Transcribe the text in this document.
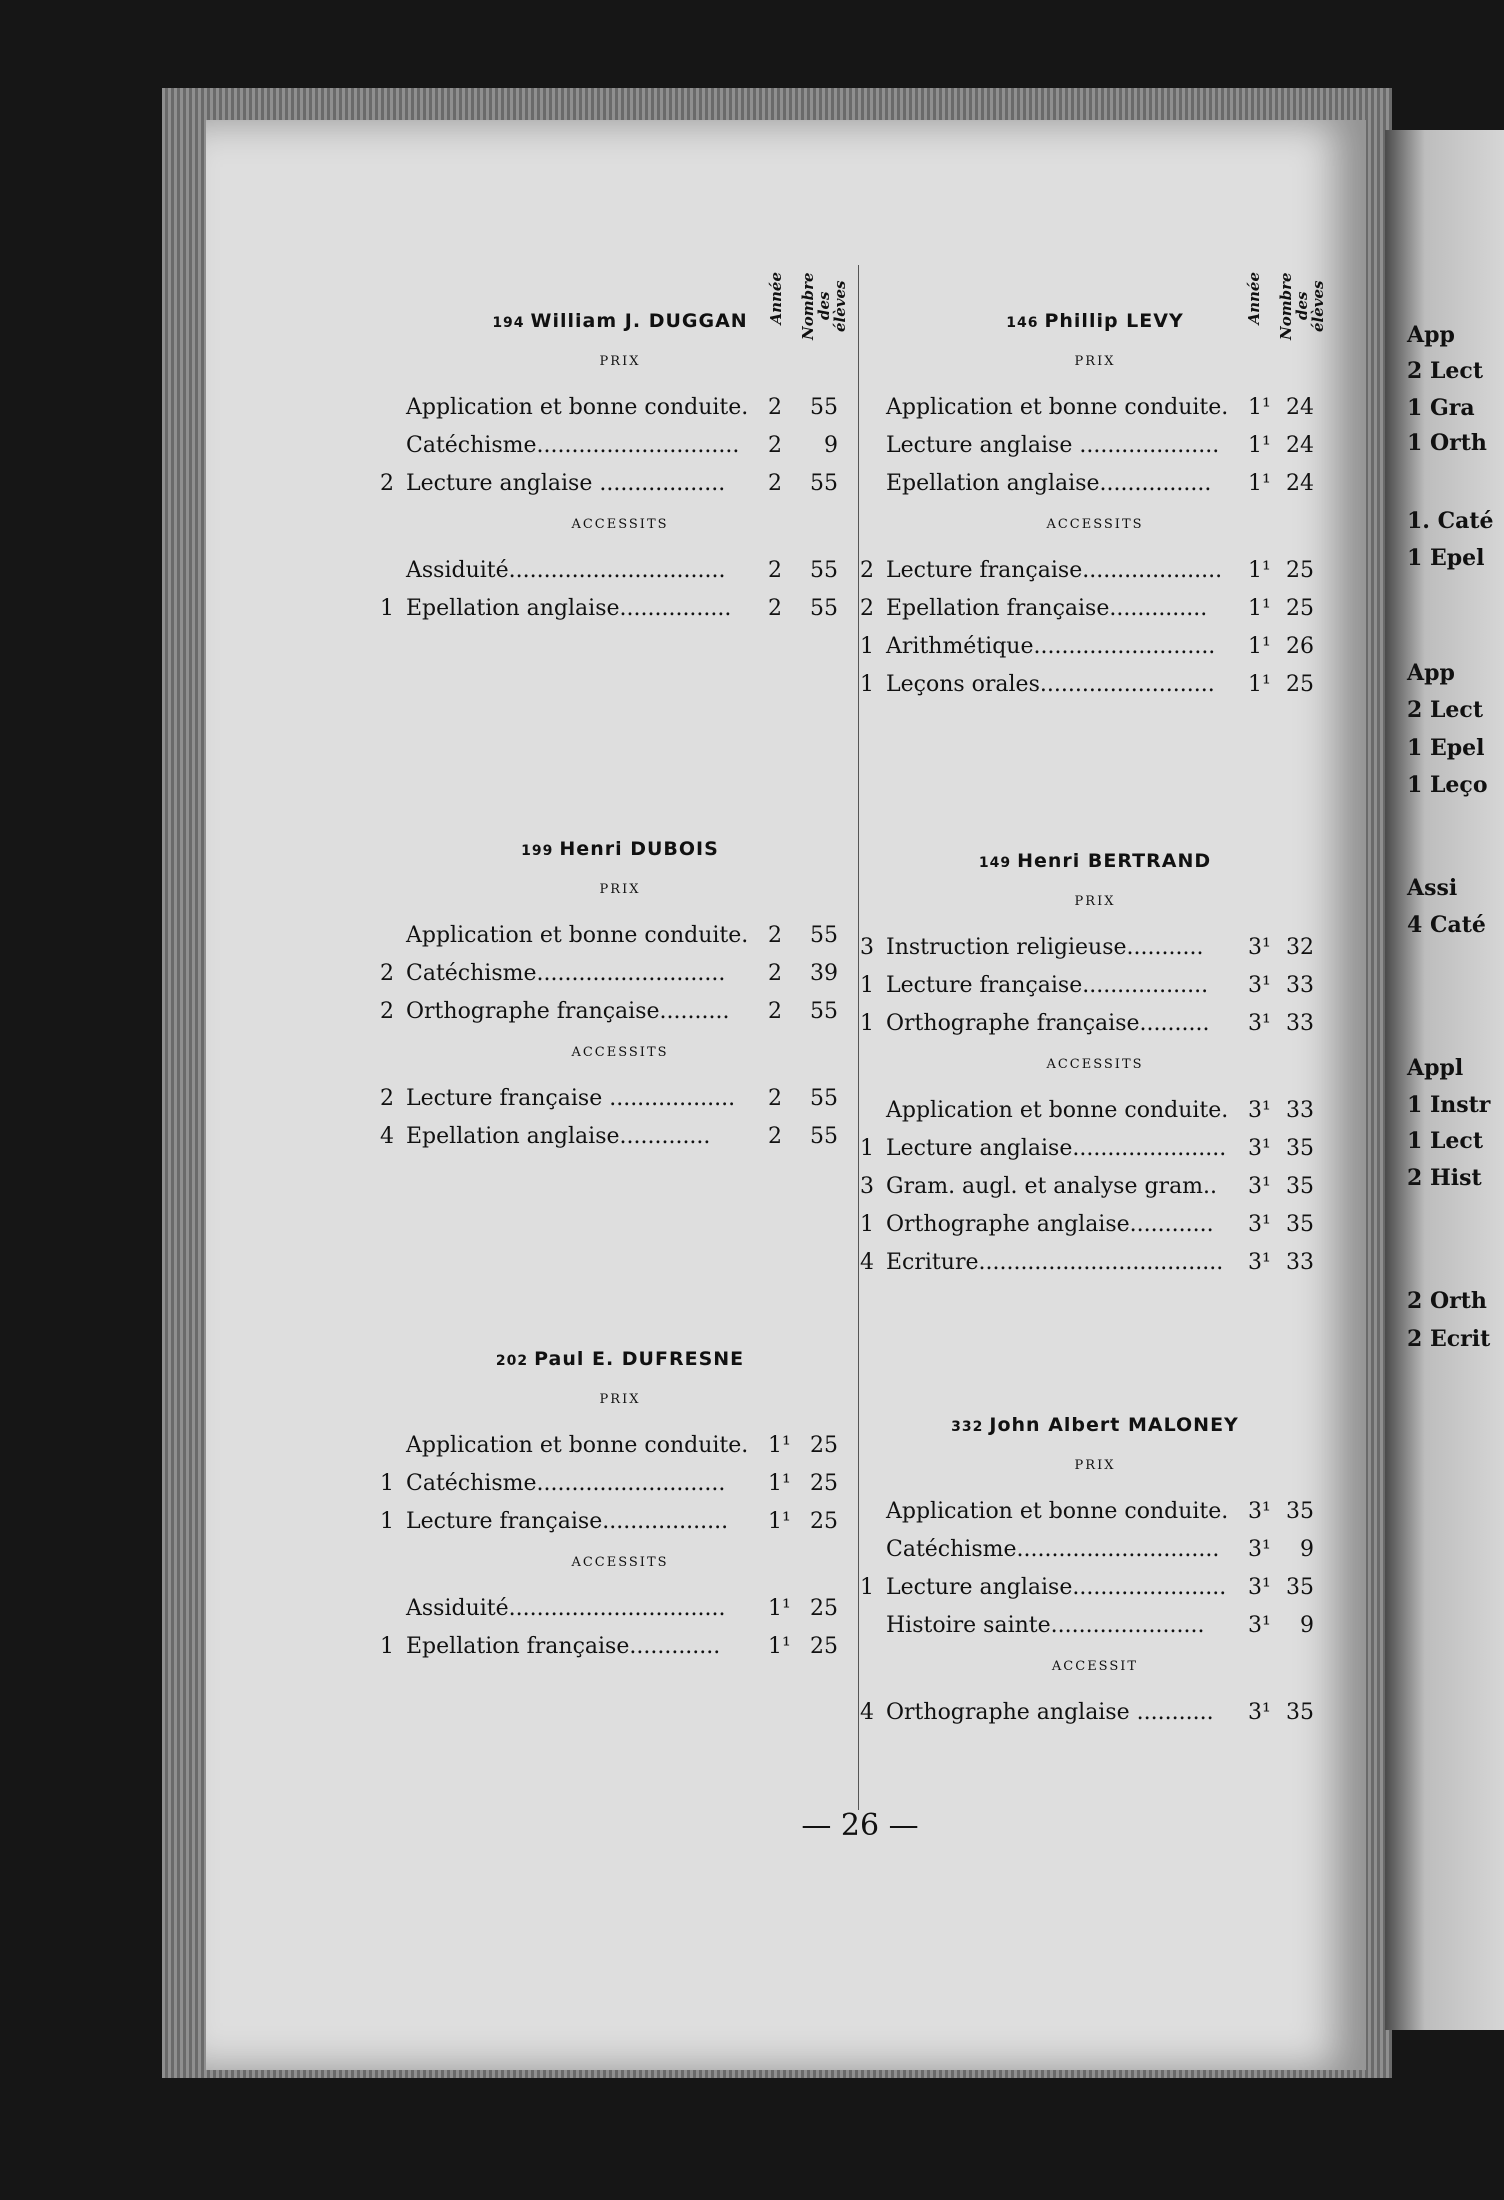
App
2 Lect
1 Gra
1 Orth
1. Caté
1 Epel
App
2 Lect
1 Epel
1 Leço
Assi
4 Caté
Appl
1 Instr
1 Lect
2 Hist
2 Orth
2 Ecrit
194 William J. DUGGAN	Année Nombre des élèves
PRIX
Application et bonne conduite. 2	55
Catéchisme............................. 2	9
2 Lecture anglaise .................. 2	55
ACCESSITS
Assiduité............................... 2	55
1 Epellation anglaise................ 2	55
199 Henri DUBOIS
PRIX
Application et bonne conduite. 2	55
2 Catéchisme........................... 2	39
2 Orthographe française.......... 2	55
ACCESSITS
2 Lecture française .................. 2	55
4 Epellation anglaise.............	2	55
202 Paul E. DUFRESNE
PRIX
Application et bonne conduite. 1¹ 25
1 Catéchisme........................... 1¹ 25
1 Lecture française.................. 1¹ 25
ACCESSITS
Assiduité............................... 1¹ 25
1 Epellation française............. 1¹ 25
146 Phillip LEVY	Année Nombre des élèves
PRIX
Application et bonne conduite. 1¹ 24
Lecture anglaise .................... 1¹ 24
Epellation anglaise................ 1¹ 24
ACCESSITS
2 Lecture française.................... 1¹ 25
2 Epellation française.............. 1¹ 25
1 Arithmétique.......................... 1¹ 26
1 Leçons orales......................... 1¹ 25
149 Henri BERTRAND
PRIX
3 Instruction religieuse........... 3¹ 32
1 Lecture française.................. 3¹ 33
1 Orthographe française.......... 3¹ 33
ACCESSITS
Application et bonne conduite. 3¹ 33
1 Lecture anglaise...................... 3¹ 35
3 Gram. augl. et analyse gram.. 3¹ 35
1 Orthographe anglaise............ 3¹ 35
4 Ecriture................................... 3¹ 33
332 John Albert MALONEY
PRIX
Application et bonne conduite. 3¹ 35
Catéchisme............................. 3¹	9
1 Lecture anglaise...................... 3¹ 35
Histoire sainte...................... 3¹	9
ACCESSIT
4 Orthographe anglaise ........... 3¹ 35
— 26 —
